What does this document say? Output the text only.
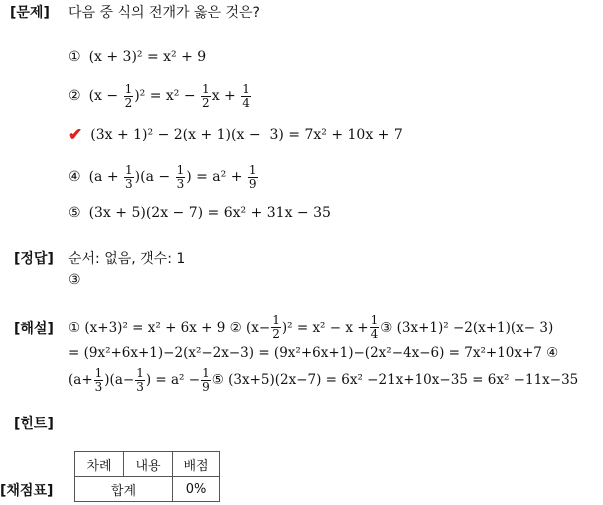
[문제]
[정답]
[해설]
[힌트]
[채점표]
다음 중 식의 전개가 옳은 것은?
① (x + 3)² = x² + 9
② $(x - \frac{1}{2} )^2 = x^2 - \frac{1}{2}$ $x + \frac{1}{4}$
✔ (3x + 1)² − 2(x + 1)(x −  3) = 7x² + 10x + 7
④ $(a + \frac{1}{3} )(a - \frac{1}{3}$ ) = $a^2 + \frac{1}{9}$
⑤ (3x + 5)(2x − 7) = 6x² + 31x − 35
순서: 없음, 갯수: 1
③
① (x+3)² = x² + 6x + 9 ② $(x- \frac{1}{2} )^2 = x^2 - x + \frac{1}{4}$ ③ (3x+1)² −2(x+1)(x− 3)
= (9x²+6x+1)−2(x²−2x−3) = (9x²+6x+1)−(2x²−4x−6) = 7x²+10x+7 ④
$(a+ \frac{1}{3} )(a- \frac{1}{3}$ ) = $a^2 - \frac{1}{9}$ ⑤ (3x+5)(2x−7) = 6x² −21x+10x−35 = 6x² −11x−35
차례	내용	배점
합계		0%
